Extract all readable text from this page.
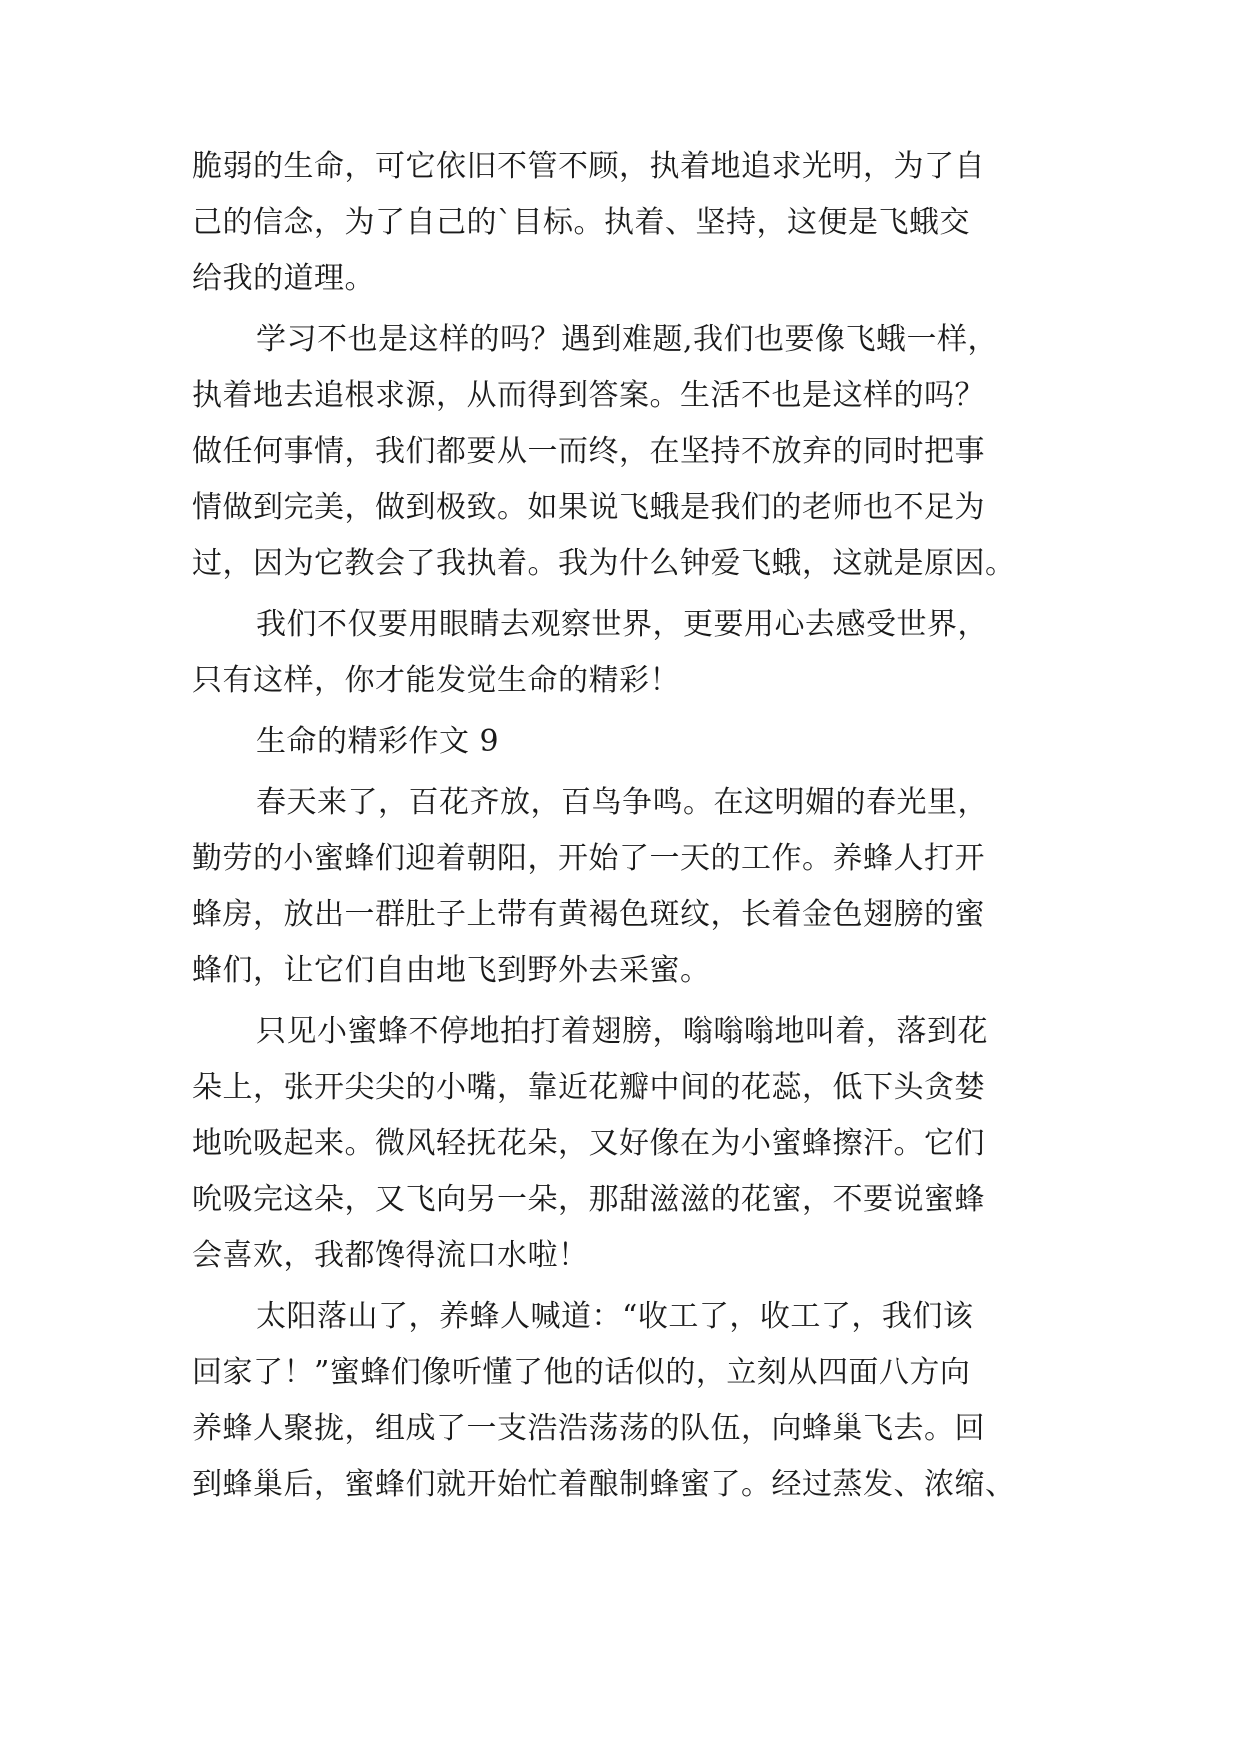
脆弱的生命，可它依旧不管不顾，执着地追求光明，为了自
己的信念，为了自己的`目标。执着、坚持，这便是飞蛾交
给我的道理。
学习不也是这样的吗？遇到难题,我们也要像飞蛾一样，
执着地去追根求源，从而得到答案。生活不也是这样的吗？
做任何事情，我们都要从一而终，在坚持不放弃的同时把事
情做到完美，做到极致。如果说飞蛾是我们的老师也不足为
过，因为它教会了我执着。我为什么钟爱飞蛾，这就是原因。
我们不仅要用眼睛去观察世界，更要用心去感受世界，
只有这样，你才能发觉生命的精彩！
生命的精彩作文 9
春天来了，百花齐放，百鸟争鸣。在这明媚的春光里，
勤劳的小蜜蜂们迎着朝阳，开始了一天的工作。养蜂人打开
蜂房，放出一群肚子上带有黄褐色斑纹，长着金色翅膀的蜜
蜂们，让它们自由地飞到野外去采蜜。
只见小蜜蜂不停地拍打着翅膀，嗡嗡嗡地叫着，落到花
朵上，张开尖尖的小嘴，靠近花瓣中间的花蕊，低下头贪婪
地吮吸起来。微风轻抚花朵，又好像在为小蜜蜂擦汗。它们
吮吸完这朵，又飞向另一朵，那甜滋滋的花蜜，不要说蜜蜂
会喜欢，我都馋得流口水啦！
太阳落山了，养蜂人喊道：“收工了，收工了，我们该
回家了！”蜜蜂们像听懂了他的话似的，立刻从四面八方向
养蜂人聚拢，组成了一支浩浩荡荡的队伍，向蜂巢飞去。回
到蜂巢后，蜜蜂们就开始忙着酿制蜂蜜了。经过蒸发、浓缩、
